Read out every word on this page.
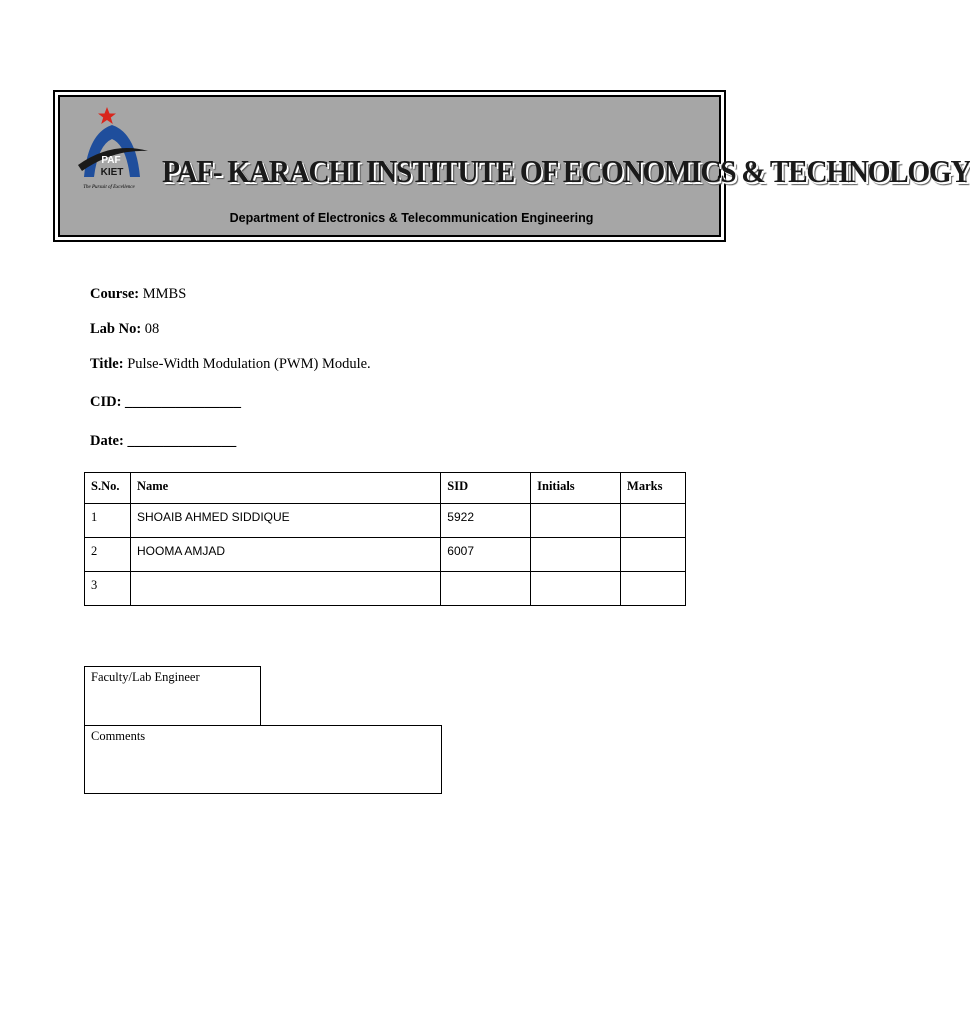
PAF
KIET
The Pursuit of Excellence PAF- KARACHI INSTITUTE OF ECONOMICS & TECHNOLOGY
Department of Electronics & Telecommunication Engineering
Course: MMBS
Lab No: 08
Title: Pulse-Width Modulation (PWM) Module.
CID: ________________
Date: _______________
S.No.	Name	SID	Initials	Marks
1	SHOAIB AHMED SIDDIQUE	5922		
2	HOOMA AMJAD	6007		
3				
Faculty/Lab Engineer
Comments
